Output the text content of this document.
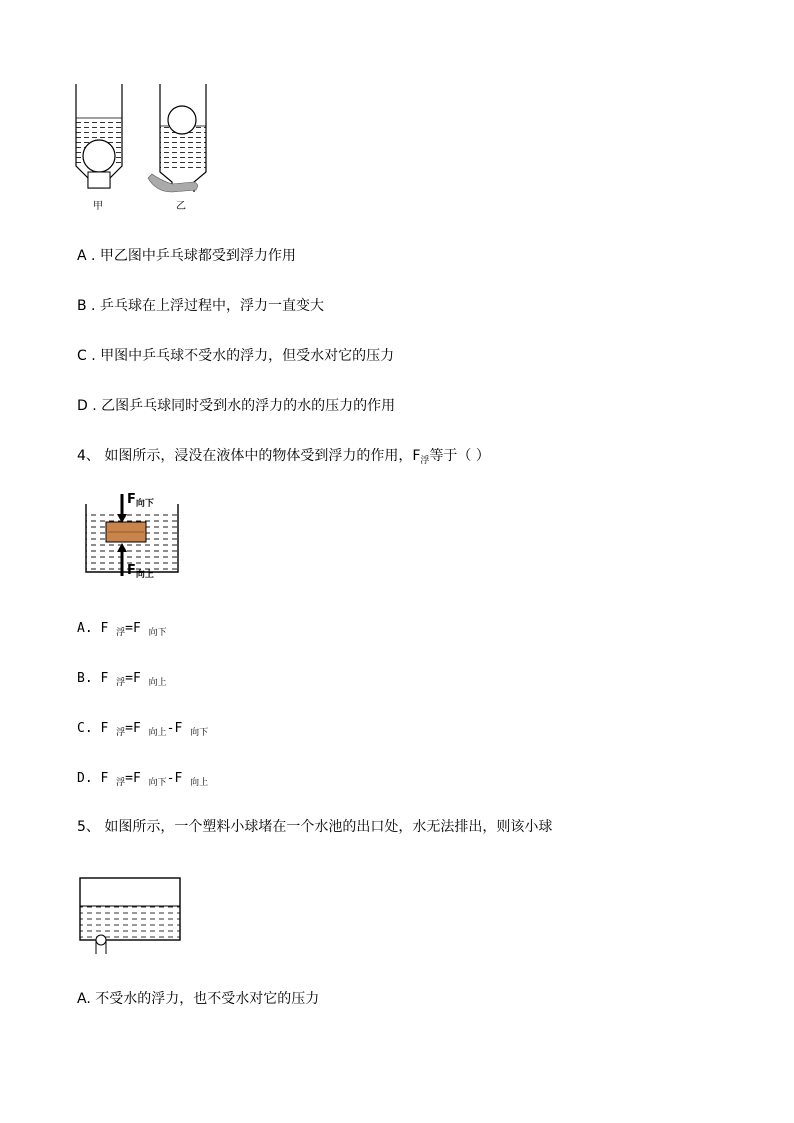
甲	乙
A . 甲乙图中乒乓球都受到浮力作用
B . 乒乓球在上浮过程中，浮力一直变大
C . 甲图中乒乓球不受水的浮力，但受水对它的压力
D . 乙图乒乓球同时受到水的浮力的水的压力的作用
4、 如图所示，浸没在液体中的物体受到浮力的作用，$F_浮$等于（ ）
$F_{向下}$
$F_{向上}$
A. F $_浮$=F $_{向下}$
B. F $_浮$=F $_{向上}$
C. F $_浮$=F $_{向上}$-F $_{向下}$
D. F $_浮$=F $_{向下}$-F $_{向上}$
5、 如图所示，一个塑料小球堵在一个水池的出口处，水无法排出，则该小球
A. 不受水的浮力，也不受水对它的压力
